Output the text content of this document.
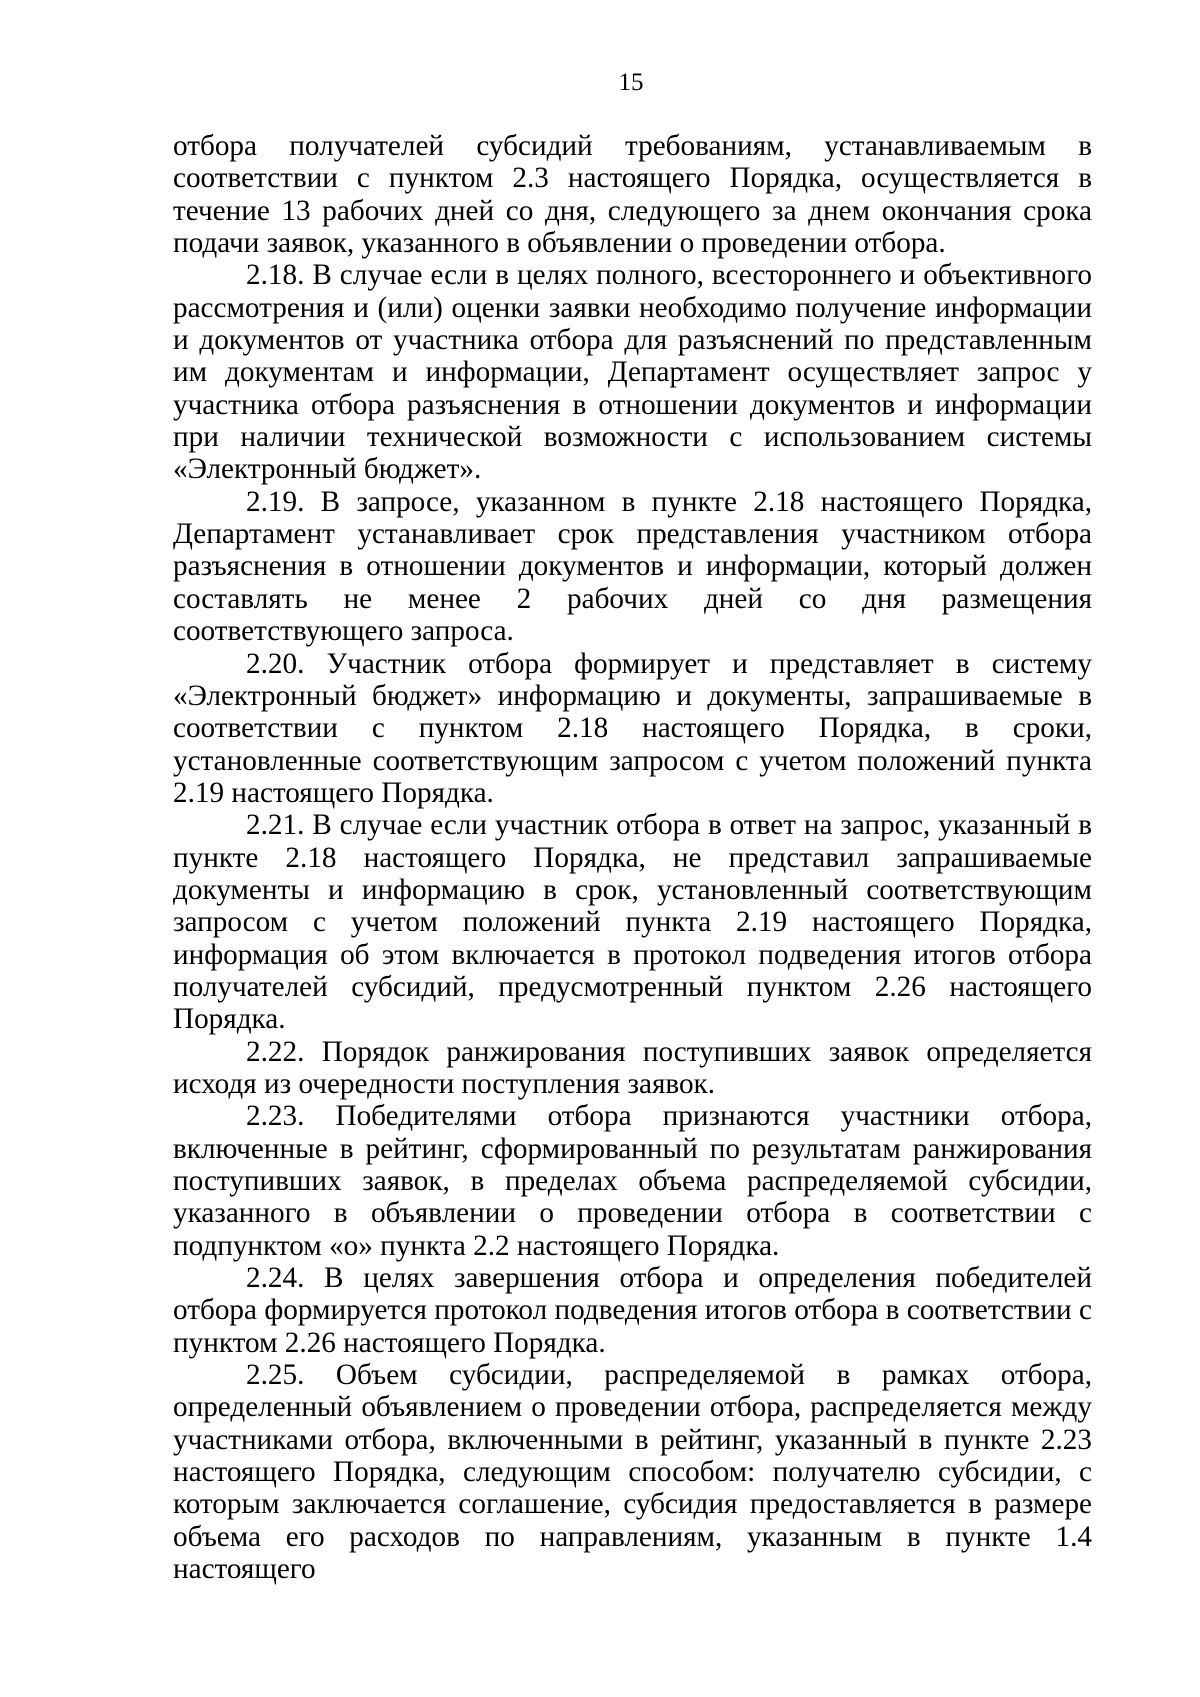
15

отбора получателей субсидий требованиям, устанавливаемым в соответствии с пунктом 2.3 настоящего Порядка, осуществляется в течение 13 рабочих дней со дня, следующего за днем окончания срока подачи заявок, указанного в объявлении о проведении отбора.

2.18. В случае если в целях полного, всестороннего и объективного рассмотрения и (или) оценки заявки необходимо получение информации и документов от участника отбора для разъяснений по представленным им документам и информации, Департамент осуществляет запрос у участника отбора разъяснения в отношении документов и информации при наличии технической возможности с использованием системы «Электронный бюджет».

2.19. В запросе, указанном в пункте 2.18 настоящего Порядка, Департамент устанавливает срок представления участником отбора разъяснения в отношении документов и информации, который должен составлять не менее 2 рабочих дней со дня размещения соответствующего запроса.

2.20. Участник отбора формирует и представляет в систему «Электронный бюджет» информацию и документы, запрашиваемые в соответствии с пунктом 2.18 настоящего Порядка, в сроки, установленные соответствующим запросом с учетом положений пункта 2.19 настоящего Порядка.

2.21. В случае если участник отбора в ответ на запрос, указанный в пункте 2.18 настоящего Порядка, не представил запрашиваемые документы и информацию в срок, установленный соответствующим запросом с учетом положений пункта 2.19 настоящего Порядка, информация об этом включается в протокол подведения итогов отбора получателей субсидий, предусмотренный пунктом 2.26 настоящего Порядка.

2.22. Порядок ранжирования поступивших заявок определяется исходя из очередности поступления заявок.

2.23. Победителями отбора признаются участники отбора, включенные в рейтинг, сформированный по результатам ранжирования поступивших заявок, в пределах объема распределяемой субсидии, указанного в объявлении о проведении отбора в соответствии с подпунктом «о» пункта 2.2 настоящего Порядка.

2.24. В целях завершения отбора и определения победителей отбора формируется протокол подведения итогов отбора в соответствии с пунктом 2.26 настоящего Порядка.

2.25. Объем субсидии, распределяемой в рамках отбора, определенный объявлением о проведении отбора, распределяется между участниками отбора, включенными в рейтинг, указанный в пункте 2.23 настоящего Порядка, следующим способом: получателю субсидии, с которым заключается соглашение, субсидия предоставляется в размере объема его расходов по направлениям, указанным в пункте 1.4 настоящего
